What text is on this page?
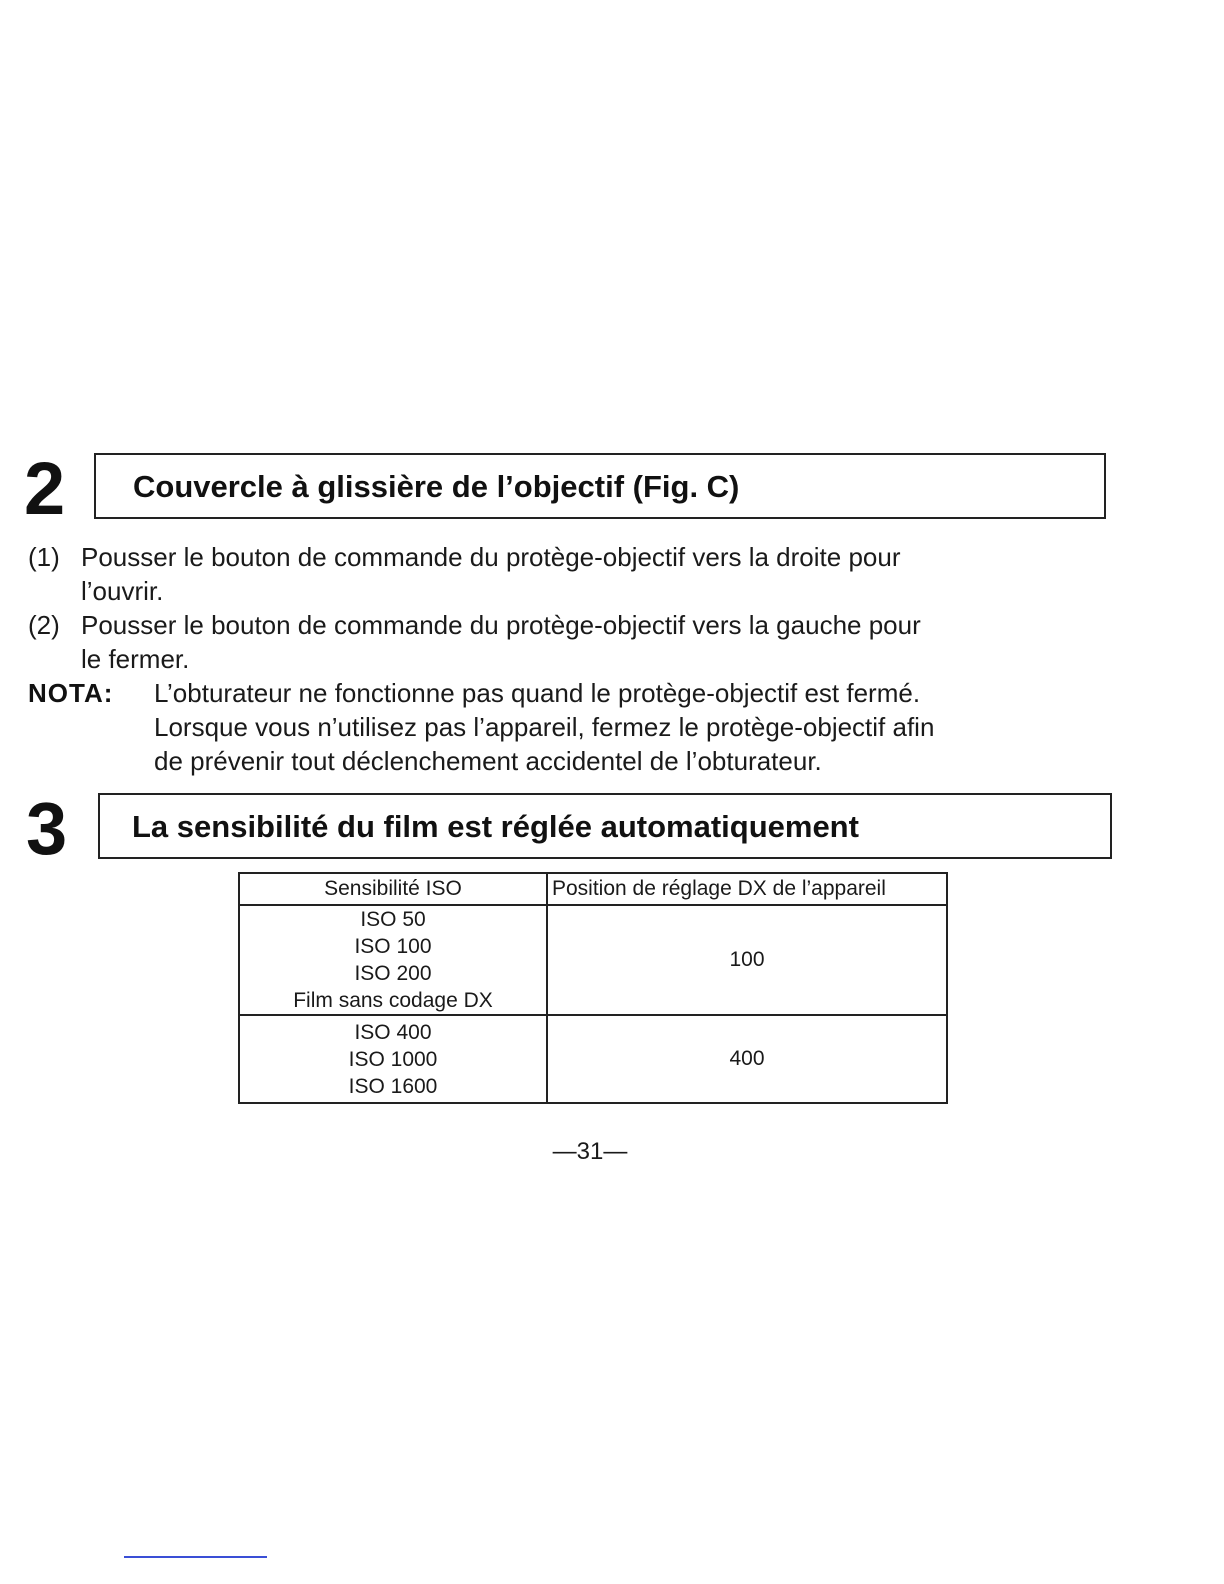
2 Couvercle à glissière de l’objectif (Fig. C)
(1) Pousser le bouton de commande du protège-objectif vers la droite pour
l’ouvrir.
(2) Pousser le bouton de commande du protège-objectif vers la gauche pour
le fermer.
NOTA: L’obturateur ne fonctionne pas quand le protège-objectif est fermé.
Lorsque vous n’utilisez pas l’appareil, fermez le protège-objectif afin
de prévenir tout déclenchement accidentel de l’obturateur.
3 La sensibilité du film est réglée automatiquement
Sensibilité ISO	Position de réglage DX de l’appareil

ISO 50
ISO 100
ISO 200
Film sans codage DX	100

ISO 400
ISO 1000
ISO 1600	400
—31—
